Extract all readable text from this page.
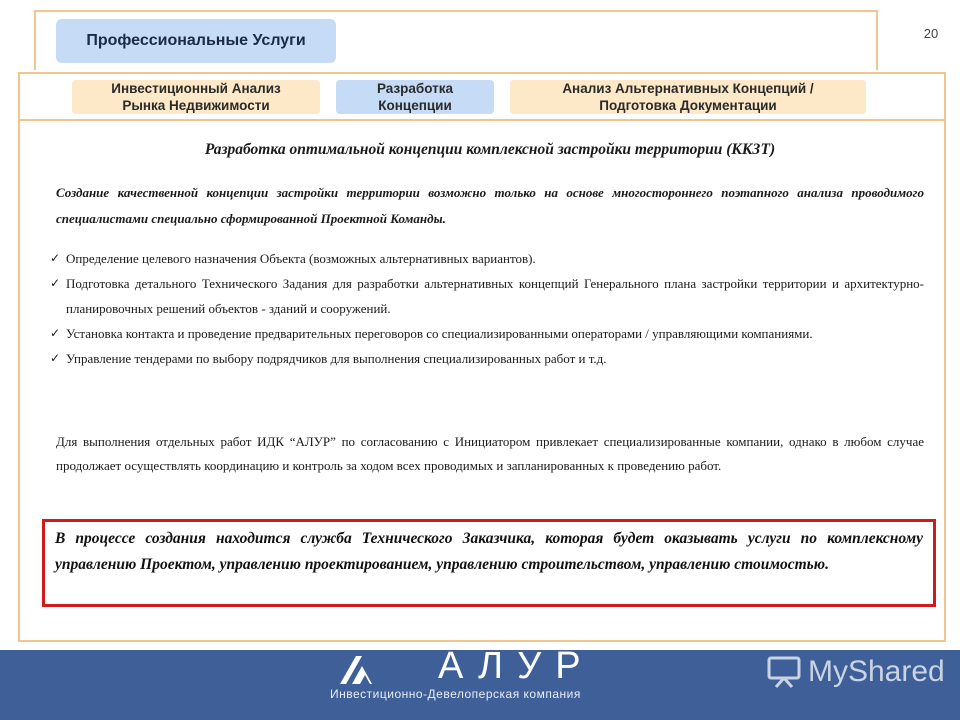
Профессиональные Услуги	20
Инвестиционный Анализ
Рынка Недвижимости
Разработка
Концепции
Анализ Альтернативных Концепций /
Подготовка Документации
Разработка оптимальной концепции комплексной застройки территории (ККЗТ)
Создание качественной концепции застройки территории возможно только на основе многостороннего поэтапного анализа проводимого специалистами специально сформированной Проектной Команды.
✓ Определение целевого назначения Объекта (возможных альтернативных вариантов).
✓ Подготовка детального Технического Задания для разработки альтернативных концепций Генерального плана застройки территории и архитектурно-планировочных решений объектов - зданий и сооружений.
✓ Установка контакта и проведение предварительных переговоров со специализированными операторами / управляющими компаниями.
✓ Управление тендерами по выбору подрядчиков для выполнения специализированных работ и т.д.
Для выполнения отдельных работ ИДК “АЛУР” по согласованию с Инициатором привлекает специализированные компании, однако в любом случае продолжает осуществлять координацию и контроль за ходом всех проводимых и запланированных к проведению работ.
В процессе создания находится служба Технического Заказчика, которая будет оказывать услуги по комплексному управлению Проектом, управлению проектированием, управлению строительством, управлению стоимостью.
АЛУР
Инвестиционно-Девелоперская компания
MyShared
